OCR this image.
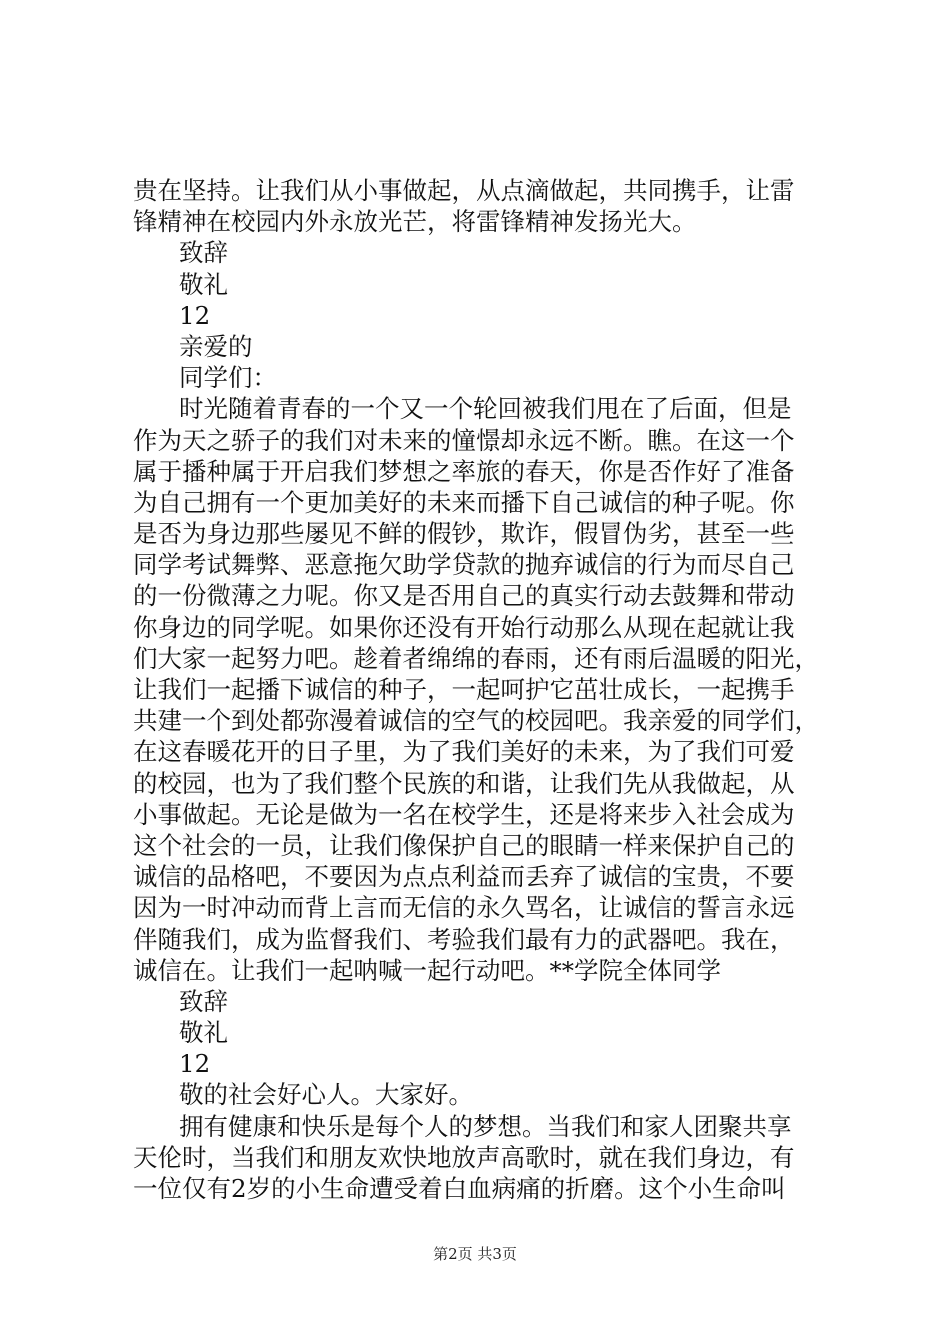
贵在坚持。让我们从小事做起，从点滴做起，共同携手，让雷
锋精神在校园内外永放光芒，将雷锋精神发扬光大。
致辞
敬礼
12
亲爱的
同学们：
时光随着青春的一个又一个轮回被我们甩在了后面，但是
作为天之骄子的我们对未来的憧憬却永远不断。瞧。在这一个
属于播种属于开启我们梦想之率旅的春天，你是否作好了准备
为自己拥有一个更加美好的未来而播下自己诚信的种子呢。你
是否为身边那些屡见不鲜的假钞，欺诈，假冒伪劣，甚至一些
同学考试舞弊、恶意拖欠助学贷款的抛弃诚信的行为而尽自己
的一份微薄之力呢。你又是否用自己的真实行动去鼓舞和带动
你身边的同学呢。如果你还没有开始行动那么从现在起就让我
们大家一起努力吧。趁着者绵绵的春雨，还有雨后温暖的阳光，
让我们一起播下诚信的种子，一起呵护它茁壮成长，一起携手
共建一个到处都弥漫着诚信的空气的校园吧。我亲爱的同学们，
在这春暖花开的日子里，为了我们美好的未来，为了我们可爱
的校园，也为了我们整个民族的和谐，让我们先从我做起，从
小事做起。无论是做为一名在校学生，还是将来步入社会成为
这个社会的一员，让我们像保护自己的眼睛一样来保护自己的
诚信的品格吧，不要因为点点利益而丢弃了诚信的宝贵，不要
因为一时冲动而背上言而无信的永久骂名，让诚信的誓言永远
伴随我们，成为监督我们、考验我们最有力的武器吧。我在，
诚信在。让我们一起呐喊一起行动吧。**学院全体同学
致辞
敬礼
12
敬的社会好心人。大家好。
拥有健康和快乐是每个人的梦想。当我们和家人团聚共享
天伦时，当我们和朋友欢快地放声高歌时，就在我们身边，有
一位仅有2岁的小生命遭受着白血病痛的折磨。这个小生命叫
第2页 共3页
